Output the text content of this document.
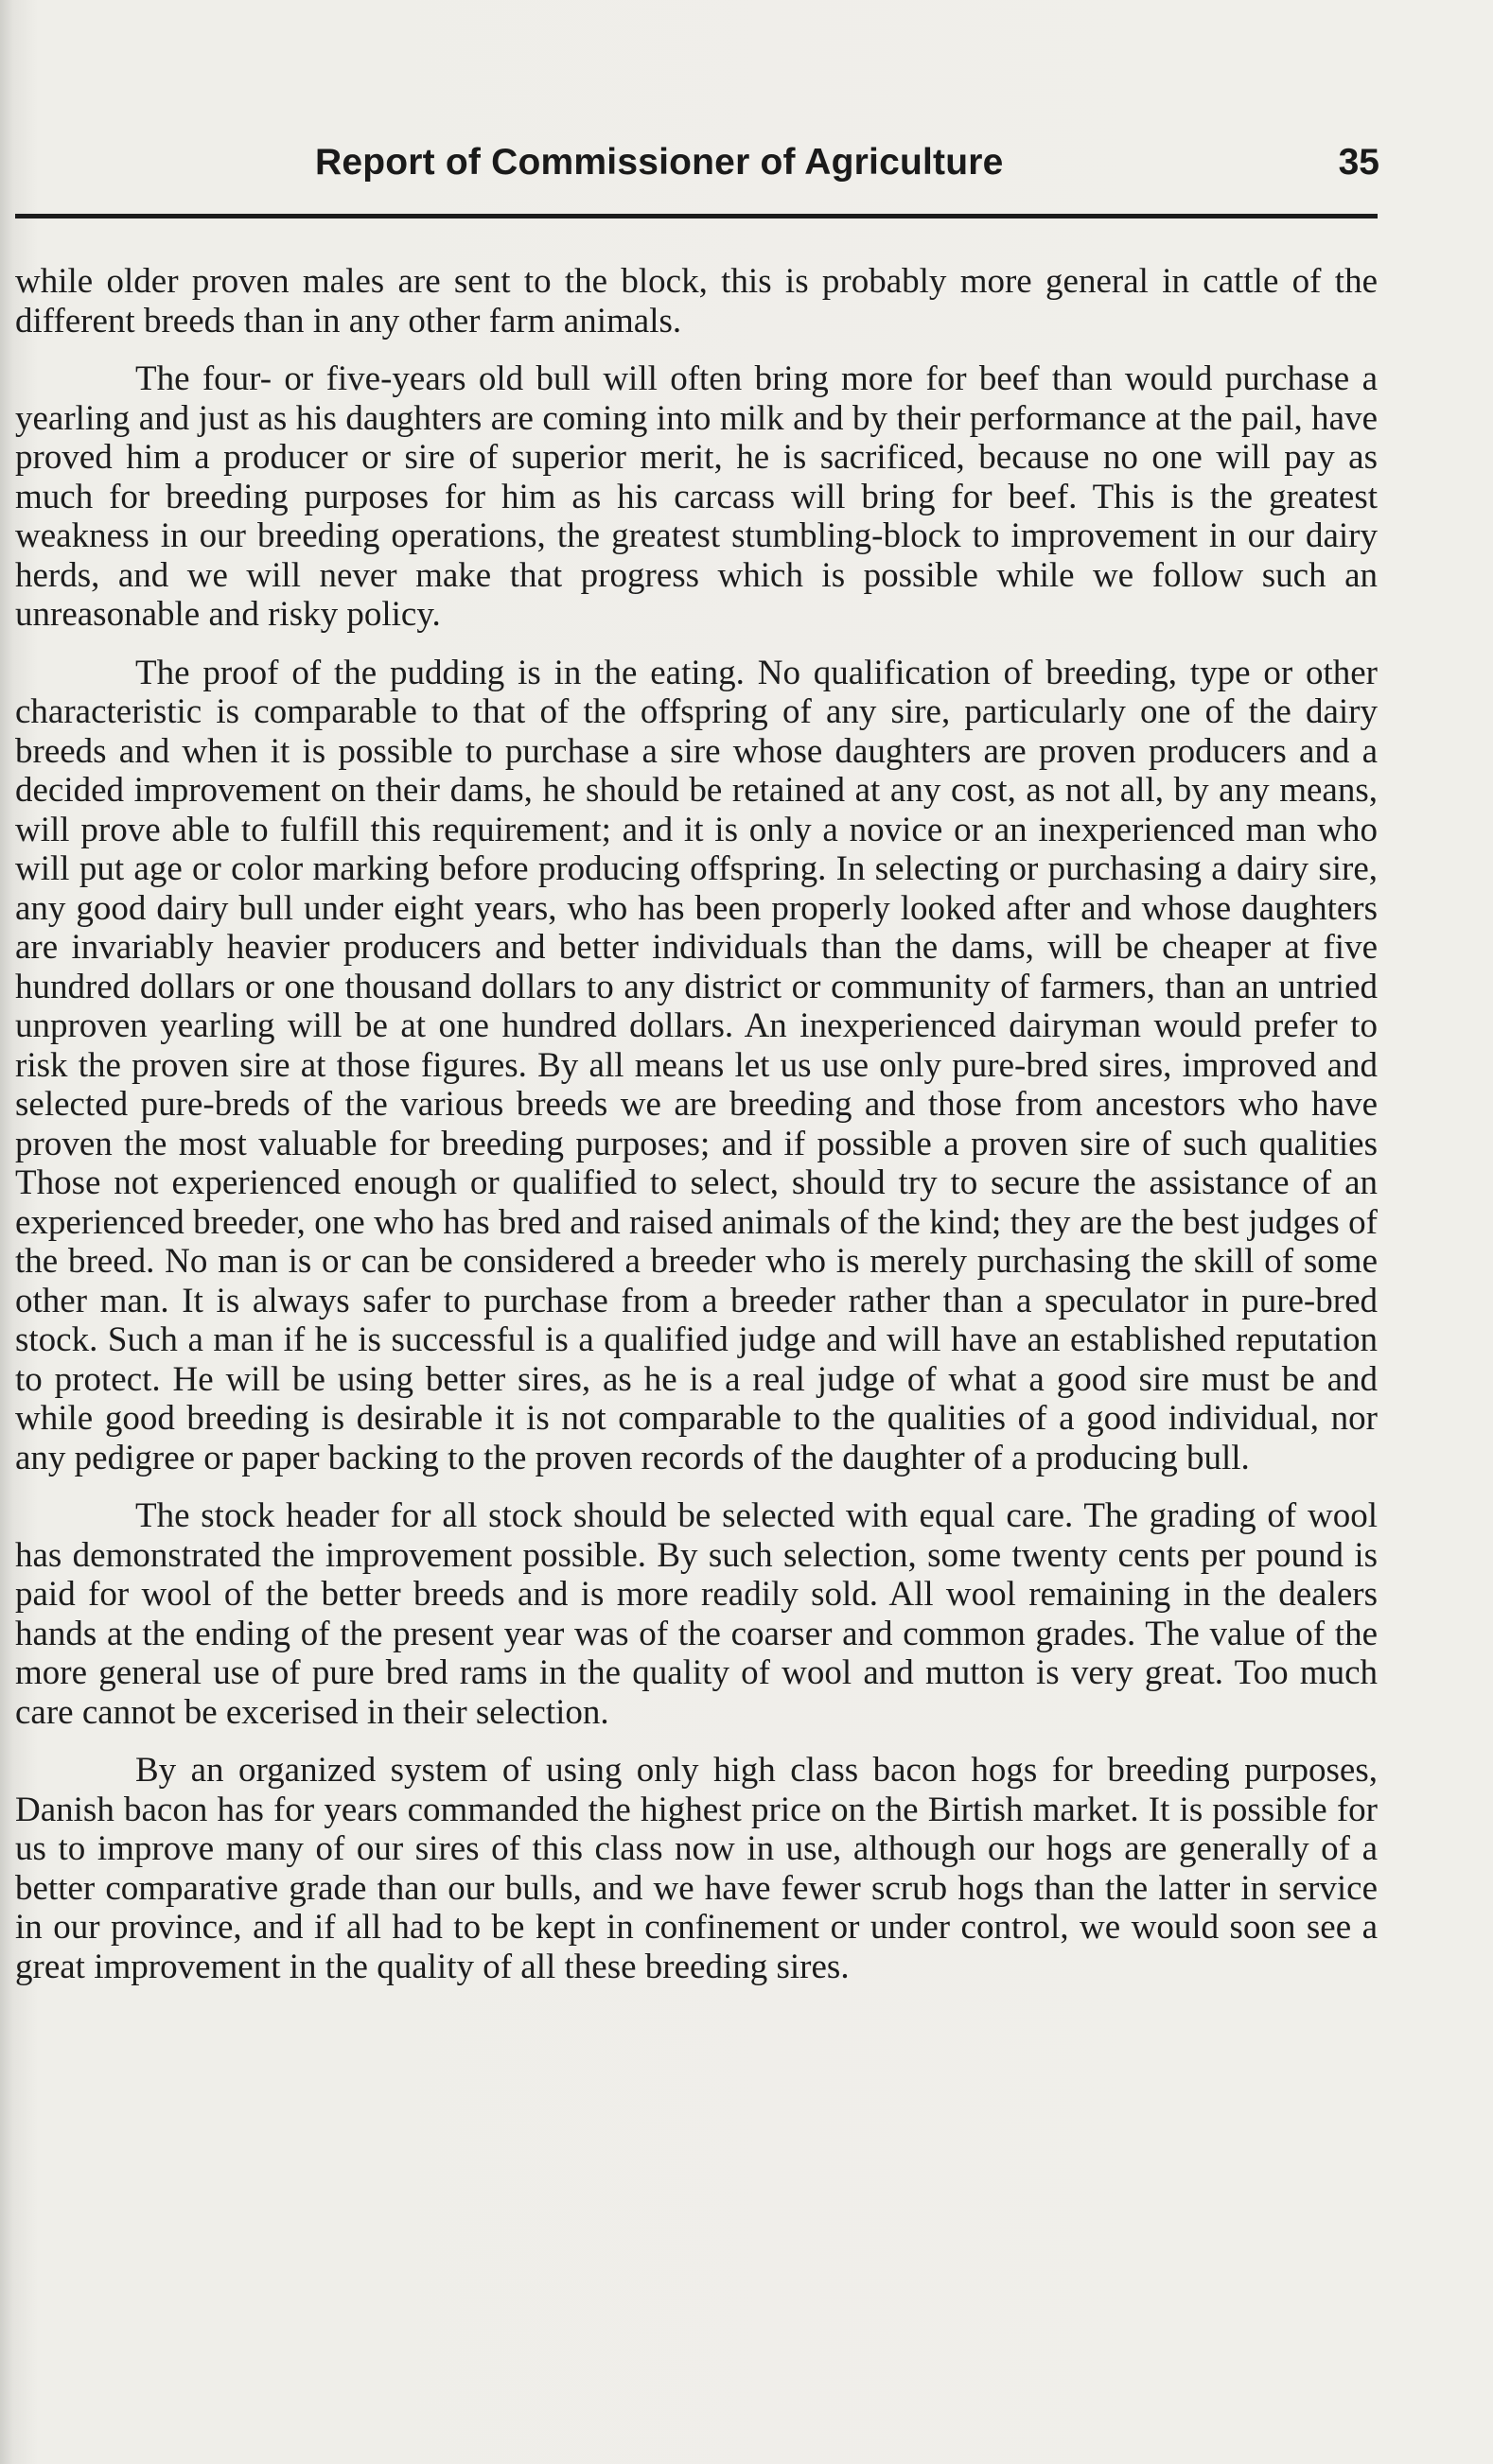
Report of Commissioner of Agriculture	35

while older proven males are sent to the block, this is probably more general in cattle of the different breeds than in any other farm animals.

The four- or five-years old bull will often bring more for beef than would purchase a yearling and just as his daughters are coming into milk and by their performance at the pail, have proved him a producer or sire of superior merit, he is sacrificed, because no one will pay as much for breeding purposes for him as his carcass will bring for beef. This is the greatest weakness in our breeding operations, the greatest stumbling-block to improvement in our dairy herds, and we will never make that progress which is possible while we follow such an unreasonable and risky policy.

The proof of the pudding is in the eating. No qualification of breeding, type or other characteristic is comparable to that of the offspring of any sire, particularly one of the dairy breeds and when it is possible to purchase a sire whose daughters are proven producers and a decided improvement on their dams, he should be retained at any cost, as not all, by any means, will prove able to fulfill this requirement; and it is only a novice or an inexperienced man who will put age or color marking before producing offspring. In selecting or purchasing a dairy sire, any good dairy bull under eight years, who has been properly looked after and whose daughters are invariably heavier producers and better individuals than the dams, will be cheaper at five hundred dollars or one thousand dollars to any district or community of farmers, than an untried unproven yearling will be at one hundred dollars. An inexperienced dairyman would prefer to risk the proven sire at those figures. By all means let us use only pure-bred sires, improved and selected pure-breds of the various breeds we are breeding and those from ancestors who have proven the most valuable for breeding purposes; and if possible a proven sire of such qualities Those not experienced enough or qualified to select, should try to secure the assistance of an experienced breeder, one who has bred and raised animals of the kind; they are the best judges of the breed. No man is or can be considered a breeder who is merely purchasing the skill of some other man. It is always safer to purchase from a breeder rather than a speculator in pure-bred stock. Such a man if he is successful is a qualified judge and will have an established reputation to protect. He will be using better sires, as he is a real judge of what a good sire must be and while good breeding is desirable it is not comparable to the qualities of a good individual, nor any pedigree or paper backing to the proven records of the daughter of a producing bull.

The stock header for all stock should be selected with equal care. The grading of wool has demonstrated the improvement possible. By such selection, some twenty cents per pound is paid for wool of the better breeds and is more readily sold. All wool remaining in the dealers hands at the ending of the present year was of the coarser and common grades. The value of the more general use of pure bred rams in the quality of wool and mutton is very great. Too much care cannot be excerised in their selection.

By an organized system of using only high class bacon hogs for breeding purposes, Danish bacon has for years commanded the highest price on the Birtish market. It is possible for us to improve many of our sires of this class now in use, although our hogs are generally of a better comparative grade than our bulls, and we have fewer scrub hogs than the latter in service in our province, and if all had to be kept in confinement or under control, we would soon see a great improvement in the quality of all these breeding sires.
